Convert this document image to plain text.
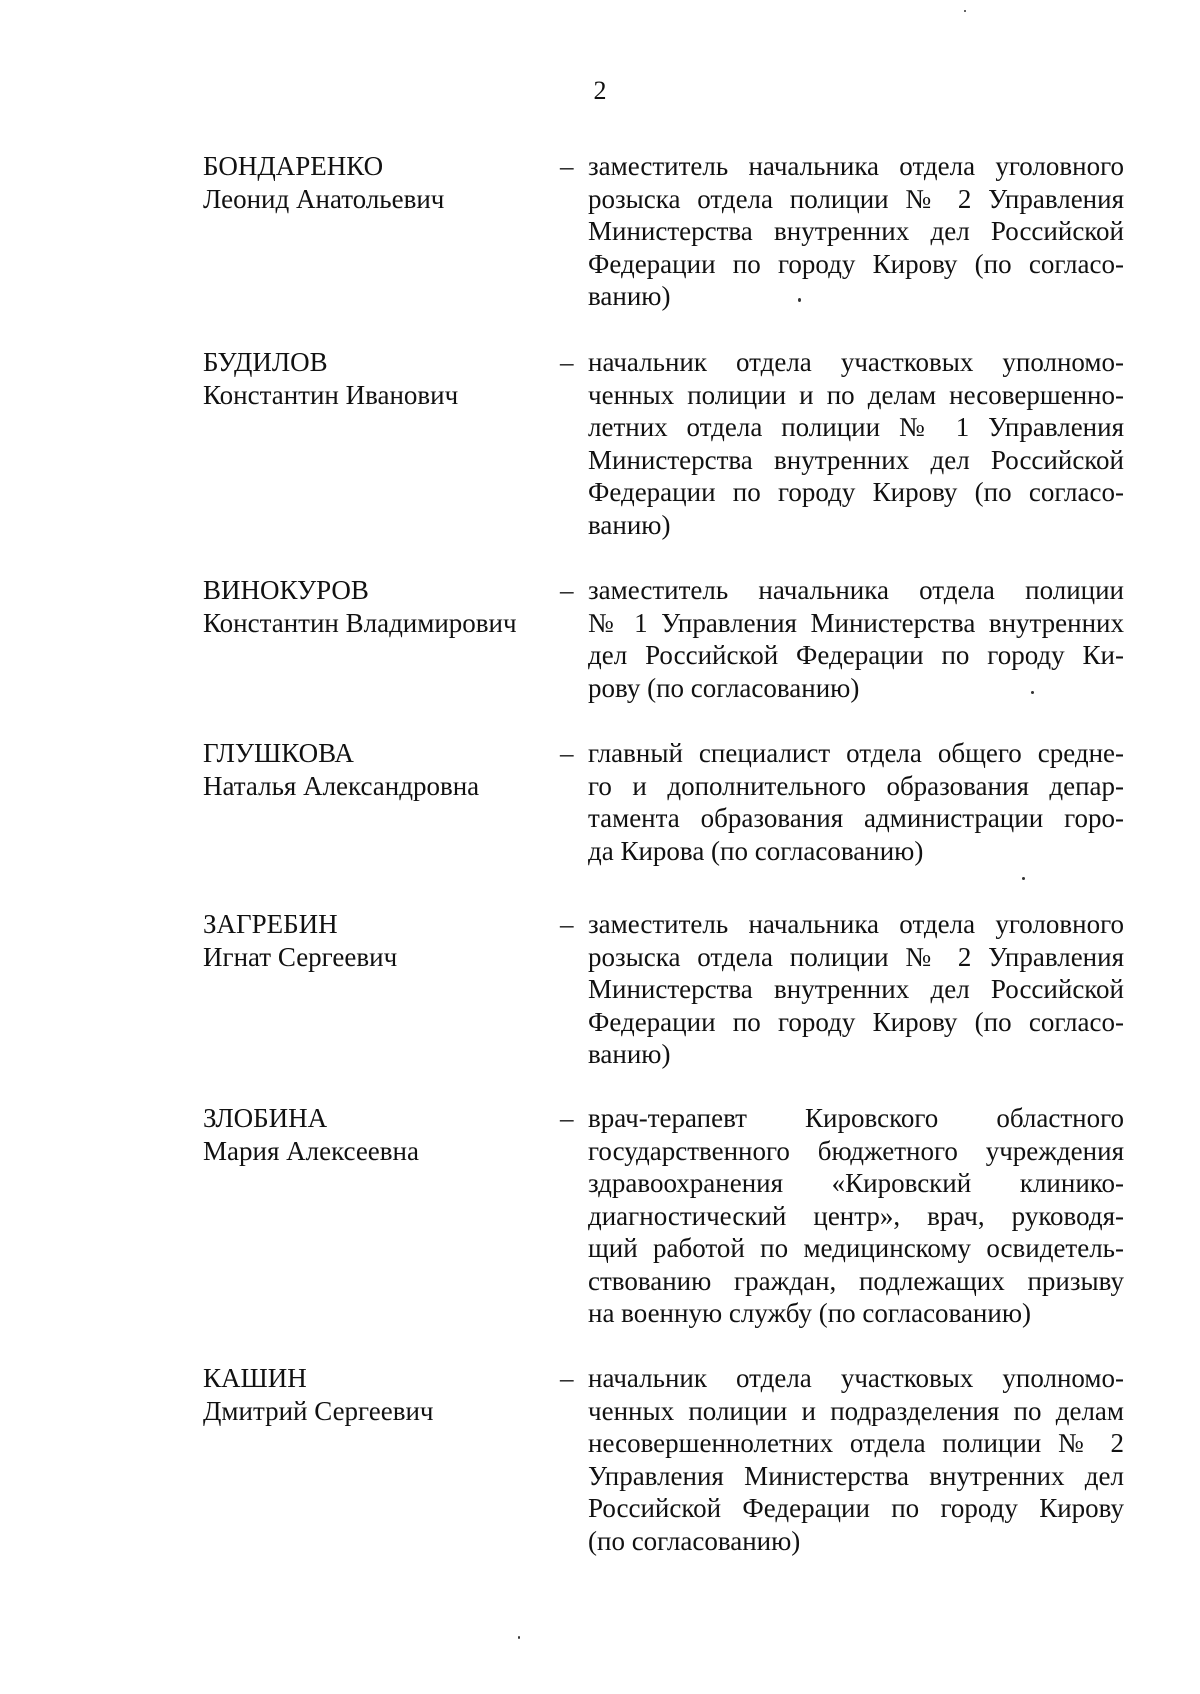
2
БОНДАРЕНКО
Леонид Анатольевич
– заместитель начальника отдела уголовного
розыска отдела полиции № 2 Управления
Министерства внутренних дел Российской
Федерации по городу Кирову (по согласо-
ванию)
БУДИЛОВ
Константин Иванович
– начальник отдела участковых уполномо-
ченных полиции и по делам несовершенно-
летних отдела полиции № 1 Управления
Министерства внутренних дел Российской
Федерации по городу Кирову (по согласо-
ванию)
ВИНОКУРОВ
Константин Владимирович
– заместитель начальника отдела полиции
№ 1 Управления Министерства внутренних
дел Российской Федерации по городу Ки-
рову (по согласованию)
ГЛУШКОВА
Наталья Александровна
– главный специалист отдела общего средне-
го и дополнительного образования депар-
тамента образования администрации горо-
да Кирова (по согласованию)
ЗАГРЕБИН
Игнат Сергеевич
– заместитель начальника отдела уголовного
розыска отдела полиции № 2 Управления
Министерства внутренних дел Российской
Федерации по городу Кирову (по согласо-
ванию)
ЗЛОБИНА
Мария Алексеевна
– врач-терапевт Кировского областного
государственного бюджетного учреждения
здравоохранения «Кировский клинико-
диагностический центр», врач, руководя-
щий работой по медицинскому освидетель-
ствованию граждан, подлежащих призыву
на военную службу (по согласованию)
КАШИН
Дмитрий Сергеевич
– начальник отдела участковых уполномо-
ченных полиции и подразделения по делам
несовершеннолетних отдела полиции № 2
Управления Министерства внутренних дел
Российской Федерации по городу Кирову
(по согласованию)
